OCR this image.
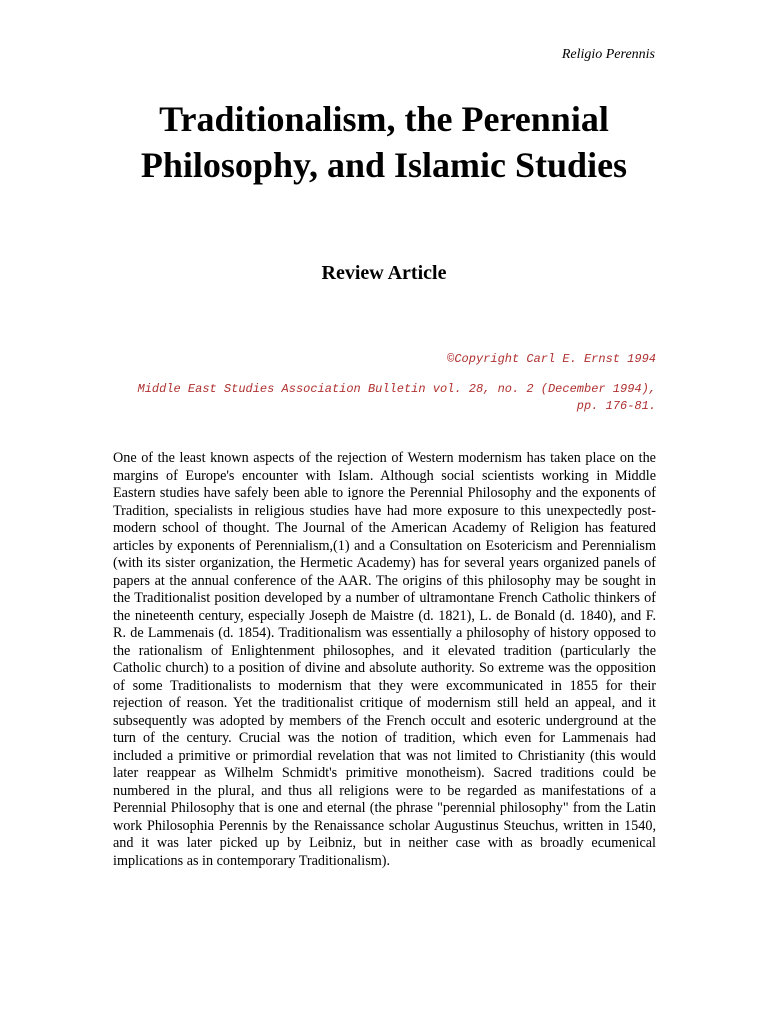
Religio Perennis
Traditionalism, the Perennial Philosophy, and Islamic Studies
Review Article
©Copyright Carl E. Ernst 1994
Middle East Studies Association Bulletin vol. 28, no. 2 (December 1994), pp. 176-81.

One of the least known aspects of the rejection of Western modernism has taken place on the margins of Europe's encounter with Islam. Although social scientists working in Middle Eastern studies have safely been able to ignore the Perennial Philosophy and the exponents of Tradition, specialists in religious studies have had more exposure to this unexpectedly post-modern school of thought. The Journal of the American Academy of Religion has featured articles by exponents of Perennialism,(1) and a Consultation on Esotericism and Perennialism (with its sister organization, the Hermetic Academy) has for several years organized panels of papers at the annual conference of the AAR. The origins of this philosophy may be sought in the Traditionalist position developed by a number of ultramontane French Catholic thinkers of the nineteenth century, especially Joseph de Maistre (d. 1821), L. de Bonald (d. 1840), and F. R. de Lammenais (d. 1854). Traditionalism was essentially a philosophy of history opposed to the rationalism of Enlightenment philosophes, and it elevated tradition (particularly the Catholic church) to a position of divine and absolute authority. So extreme was the opposition of some Traditionalists to modernism that they were excommunicated in 1855 for their rejection of reason. Yet the traditionalist critique of modernism still held an appeal, and it subsequently was adopted by members of the French occult and esoteric underground at the turn of the century. Crucial was the notion of tradition, which even for Lammenais had included a primitive or primordial revelation that was not limited to Christianity (this would later reappear as Wilhelm Schmidt's primitive monotheism). Sacred traditions could be numbered in the plural, and thus all religions were to be regarded as manifestations of a Perennial Philosophy that is one and eternal (the phrase "perennial philosophy" from the Latin work Philosophia Perennis by the Renaissance scholar Augustinus Steuchus, written in 1540, and it was later picked up by Leibniz, but in neither case with as broadly ecumenical implications as in contemporary Traditionalism).
